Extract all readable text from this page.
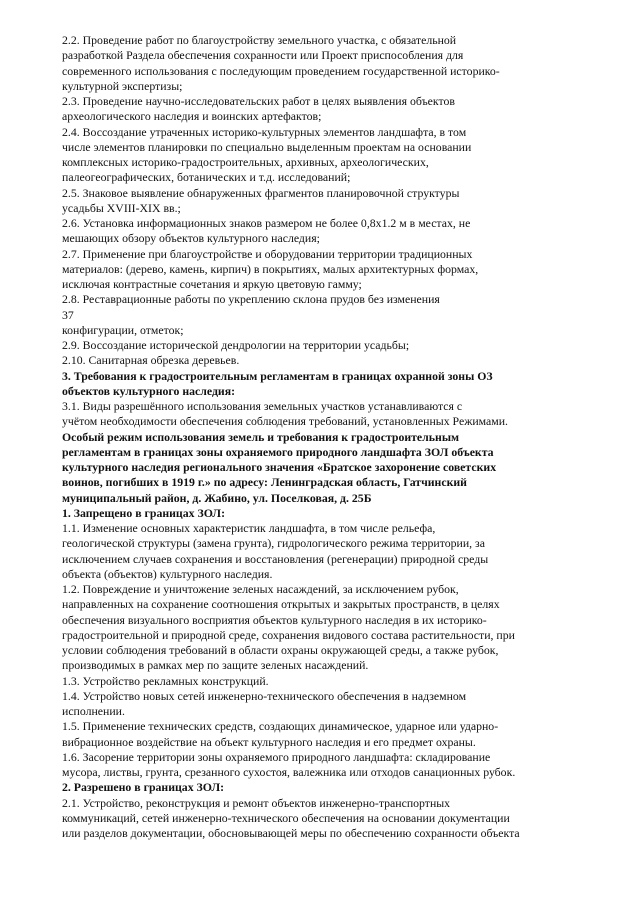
2.2. Проведение работ по благоустройству земельного участка, с обязательной
разработкой Раздела обеспечения сохранности или Проект приспособления для
современного использования с последующим проведением государственной историко-
культурной экспертизы;
2.3. Проведение научно-исследовательских работ в целях выявления объектов
археологического наследия и воинских артефактов;
2.4. Воссоздание утраченных историко-культурных элементов ландшафта, в том
числе элементов планировки по специально выделенным проектам на основании
комплексных историко-градостроительных, архивных, археологических,
палеогеографических, ботанических и т.д. исследований;
2.5. Знаковое выявление обнаруженных фрагментов планировочной структуры
усадьбы XVIII-XIX вв.;
2.6. Установка информационных знаков размером не более 0,8х1.2 м в местах, не
мешающих обзору объектов культурного наследия;
2.7. Применение при благоустройстве и оборудовании территории традиционных
материалов: (дерево, камень, кирпич) в покрытиях, малых архитектурных формах,
исключая контрастные сочетания и яркую цветовую гамму;
2.8. Реставрационные работы по укреплению склона прудов без изменения
37
конфигурации, отметок;
2.9. Воссоздание исторической дендрологии на территории усадьбы;
2.10. Санитарная обрезка деревьев.
3. Требования к градостроительным регламентам в границах охранной зоны ОЗ
объектов культурного наследия:
3.1. Виды разрешённого использования земельных участков устанавливаются с
учётом необходимости обеспечения соблюдения требований, установленных Режимами.
Особый режим использования земель и требования к градостроительным
регламентам в границах зоны охраняемого природного ландшафта ЗОЛ объекта
культурного наследия регионального значения «Братское захоронение советских
воинов, погибших в 1919 г.» по адресу: Ленинградская область, Гатчинский
муниципальный район, д. Жабино, ул. Поселковая, д. 25Б
1. Запрещено в границах ЗОЛ:
1.1. Изменение основных характеристик ландшафта, в том числе рельефа,
геологической структуры (замена грунта), гидрологического режима территории, за
исключением случаев сохранения и восстановления (регенерации) природной среды
объекта (объектов) культурного наследия.
1.2. Повреждение и уничтожение зеленых насаждений, за исключением рубок,
направленных на сохранение соотношения открытых и закрытых пространств, в целях
обеспечения визуального восприятия объектов культурного наследия в их историко-
градостроительной и природной среде, сохранения видового состава растительности, при
условии соблюдения требований в области охраны окружающей среды, а также рубок,
производимых в рамках мер по защите зеленых насаждений.
1.3. Устройство рекламных конструкций.
1.4. Устройство новых сетей инженерно-технического обеспечения в надземном
исполнении.
1.5. Применение технических средств, создающих динамическое, ударное или ударно-
вибрационное воздействие на объект культурного наследия и его предмет охраны.
1.6. Засорение территории зоны охраняемого природного ландшафта: складирование
мусора, листвы, грунта, срезанного сухостоя, валежника или отходов санационных рубок.
2. Разрешено в границах ЗОЛ:
2.1. Устройство, реконструкция и ремонт объектов инженерно-транспортных
коммуникаций, сетей инженерно-технического обеспечения на основании документации
или разделов документации, обосновывающей меры по обеспечению сохранности объекта
